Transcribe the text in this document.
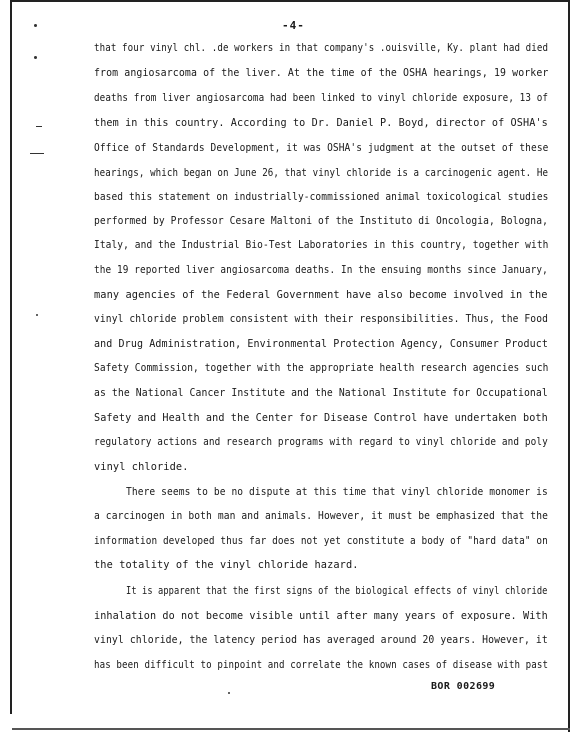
-4-
that four vinyl chl. .de workers in that company's .ouisville, Ky. plant had died
from angiosarcoma of the liver. At the time of the OSHA hearings, 19 worker
deaths from liver angiosarcoma had been linked to vinyl chloride exposure, 13 of
them in this country. According to Dr. Daniel P. Boyd, director of OSHA's
Office of Standards Development, it was OSHA's judgment at the outset of these
hearings, which began on June 26, that vinyl chloride is a carcinogenic agent. He
based this statement on industrially-commissioned animal toxicological studies
performed by Professor Cesare Maltoni of the Instituto di Oncologia, Bologna,
Italy, and the Industrial Bio-Test Laboratories in this country, together with
the 19 reported liver angiosarcoma deaths. In the ensuing months since January,
many agencies of the Federal Government have also become involved in the
vinyl chloride problem consistent with their responsibilities. Thus, the Food
and Drug Administration, Environmental Protection Agency, Consumer Product
Safety Commission, together with the appropriate health research agencies such
as the National Cancer Institute and the National Institute for Occupational
Safety and Health and the Center for Disease Control have undertaken both
regulatory actions and research programs with regard to vinyl chloride and poly
vinyl chloride.
There seems to be no dispute at this time that vinyl chloride monomer is
a carcinogen in both man and animals. However, it must be emphasized that the
information developed thus far does not yet constitute a body of "hard data" on
the totality of the vinyl chloride hazard.
It is apparent that the first signs of the biological effects of vinyl chloride
inhalation do not become visible until after many years of exposure. With
vinyl chloride, the latency period has averaged around 20 years. However, it
has been difficult to pinpoint and correlate the known cases of disease with past
BOR 002699
